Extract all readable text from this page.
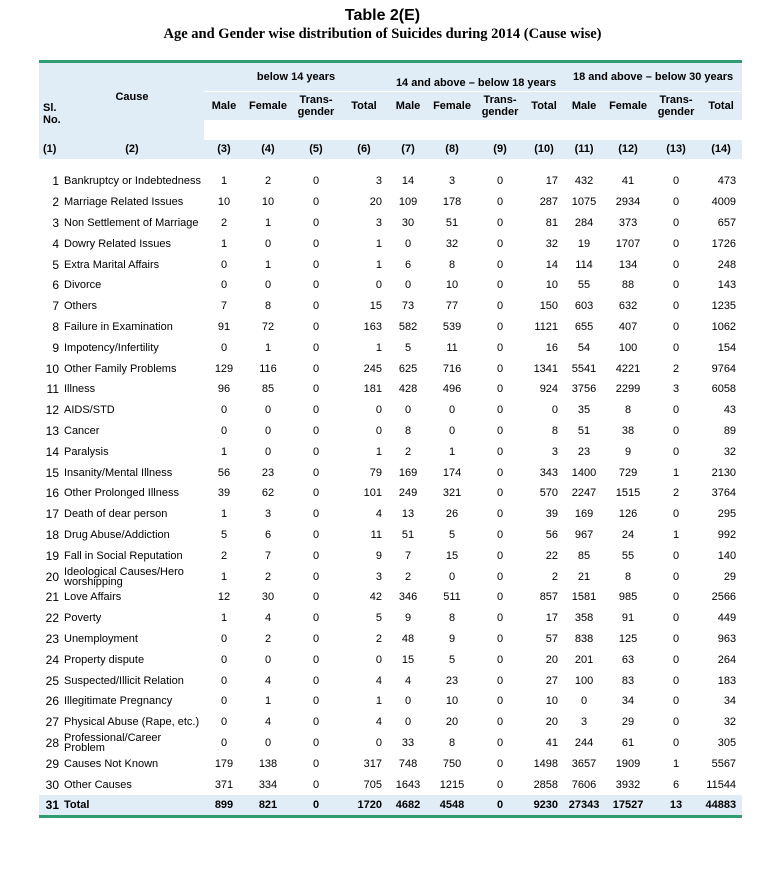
Table 2(E)
Age and Gender wise distribution of Suicides during 2014 (Cause wise)
Sl. No.	Cause	below 14 years				14 and above – below 18 years				18 and above – below 30 years			
		Male	Female	Trans-gender	Total	Male	Female	Trans-gender	Total	Male	Female	Trans-gender	Total

(1)	(2)	(3)	(4)	(5)	(6)	(7)	(8)	(9)	(10)	(11)	(12)	(13)	(14)

1	Bankruptcy or Indebtedness	1	2	0	3	14	3	0	17	432	41	0	473
2	Marriage Related Issues	10	10	0	20	109	178	0	287	1075	2934	0	4009
3	Non Settlement of Marriage	2	1	0	3	30	51	0	81	284	373	0	657
4	Dowry Related Issues	1	0	0	1	0	32	0	32	19	1707	0	1726
5	Extra Marital Affairs	0	1	0	1	6	8	0	14	114	134	0	248
6	Divorce	0	0	0	0	0	10	0	10	55	88	0	143
7	Others	7	8	0	15	73	77	0	150	603	632	0	1235
8	Failure in Examination	91	72	0	163	582	539	0	1121	655	407	0	1062
9	Impotency/Infertility	0	1	0	1	5	11	0	16	54	100	0	154
10	Other Family Problems	129	116	0	245	625	716	0	1341	5541	4221	2	9764
11	Illness	96	85	0	181	428	496	0	924	3756	2299	3	6058
12	AIDS/STD	0	0	0	0	0	0	0	0	35	8	0	43
13	Cancer	0	0	0	0	8	0	0	8	51	38	0	89
14	Paralysis	1	0	0	1	2	1	0	3	23	9	0	32
15	Insanity/Mental Illness	56	23	0	79	169	174	0	343	1400	729	1	2130
16	Other Prolonged Illness	39	62	0	101	249	321	0	570	2247	1515	2	3764
17	Death of dear person	1	3	0	4	13	26	0	39	169	126	0	295
18	Drug Abuse/Addiction	5	6	0	11	51	5	0	56	967	24	1	992
19	Fall in Social Reputation	2	7	0	9	7	15	0	22	85	55	0	140
20	Ideological Causes/Hero worshipping	1	2	0	3	2	0	0	2	21	8	0	29
21	Love Affairs	12	30	0	42	346	511	0	857	1581	985	0	2566
22	Poverty	1	4	0	5	9	8	0	17	358	91	0	449
23	Unemployment	0	2	0	2	48	9	0	57	838	125	0	963
24	Property dispute	0	0	0	0	15	5	0	20	201	63	0	264
25	Suspected/Illicit Relation	0	4	0	4	4	23	0	27	100	83	0	183
26	Illegitimate Pregnancy	0	1	0	1	0	10	0	10	0	34	0	34
27	Physical Abuse (Rape, etc.)	0	4	0	4	0	20	0	20	3	29	0	32
28	Professional/Career Problem	0	0	0	0	33	8	0	41	244	61	0	305
29	Causes Not Known	179	138	0	317	748	750	0	1498	3657	1909	1	5567
30	Other Causes	371	334	0	705	1643	1215	0	2858	7606	3932	6	11544
31	Total	899	821	0	1720	4682	4548	0	9230	27343	17527	13	44883
